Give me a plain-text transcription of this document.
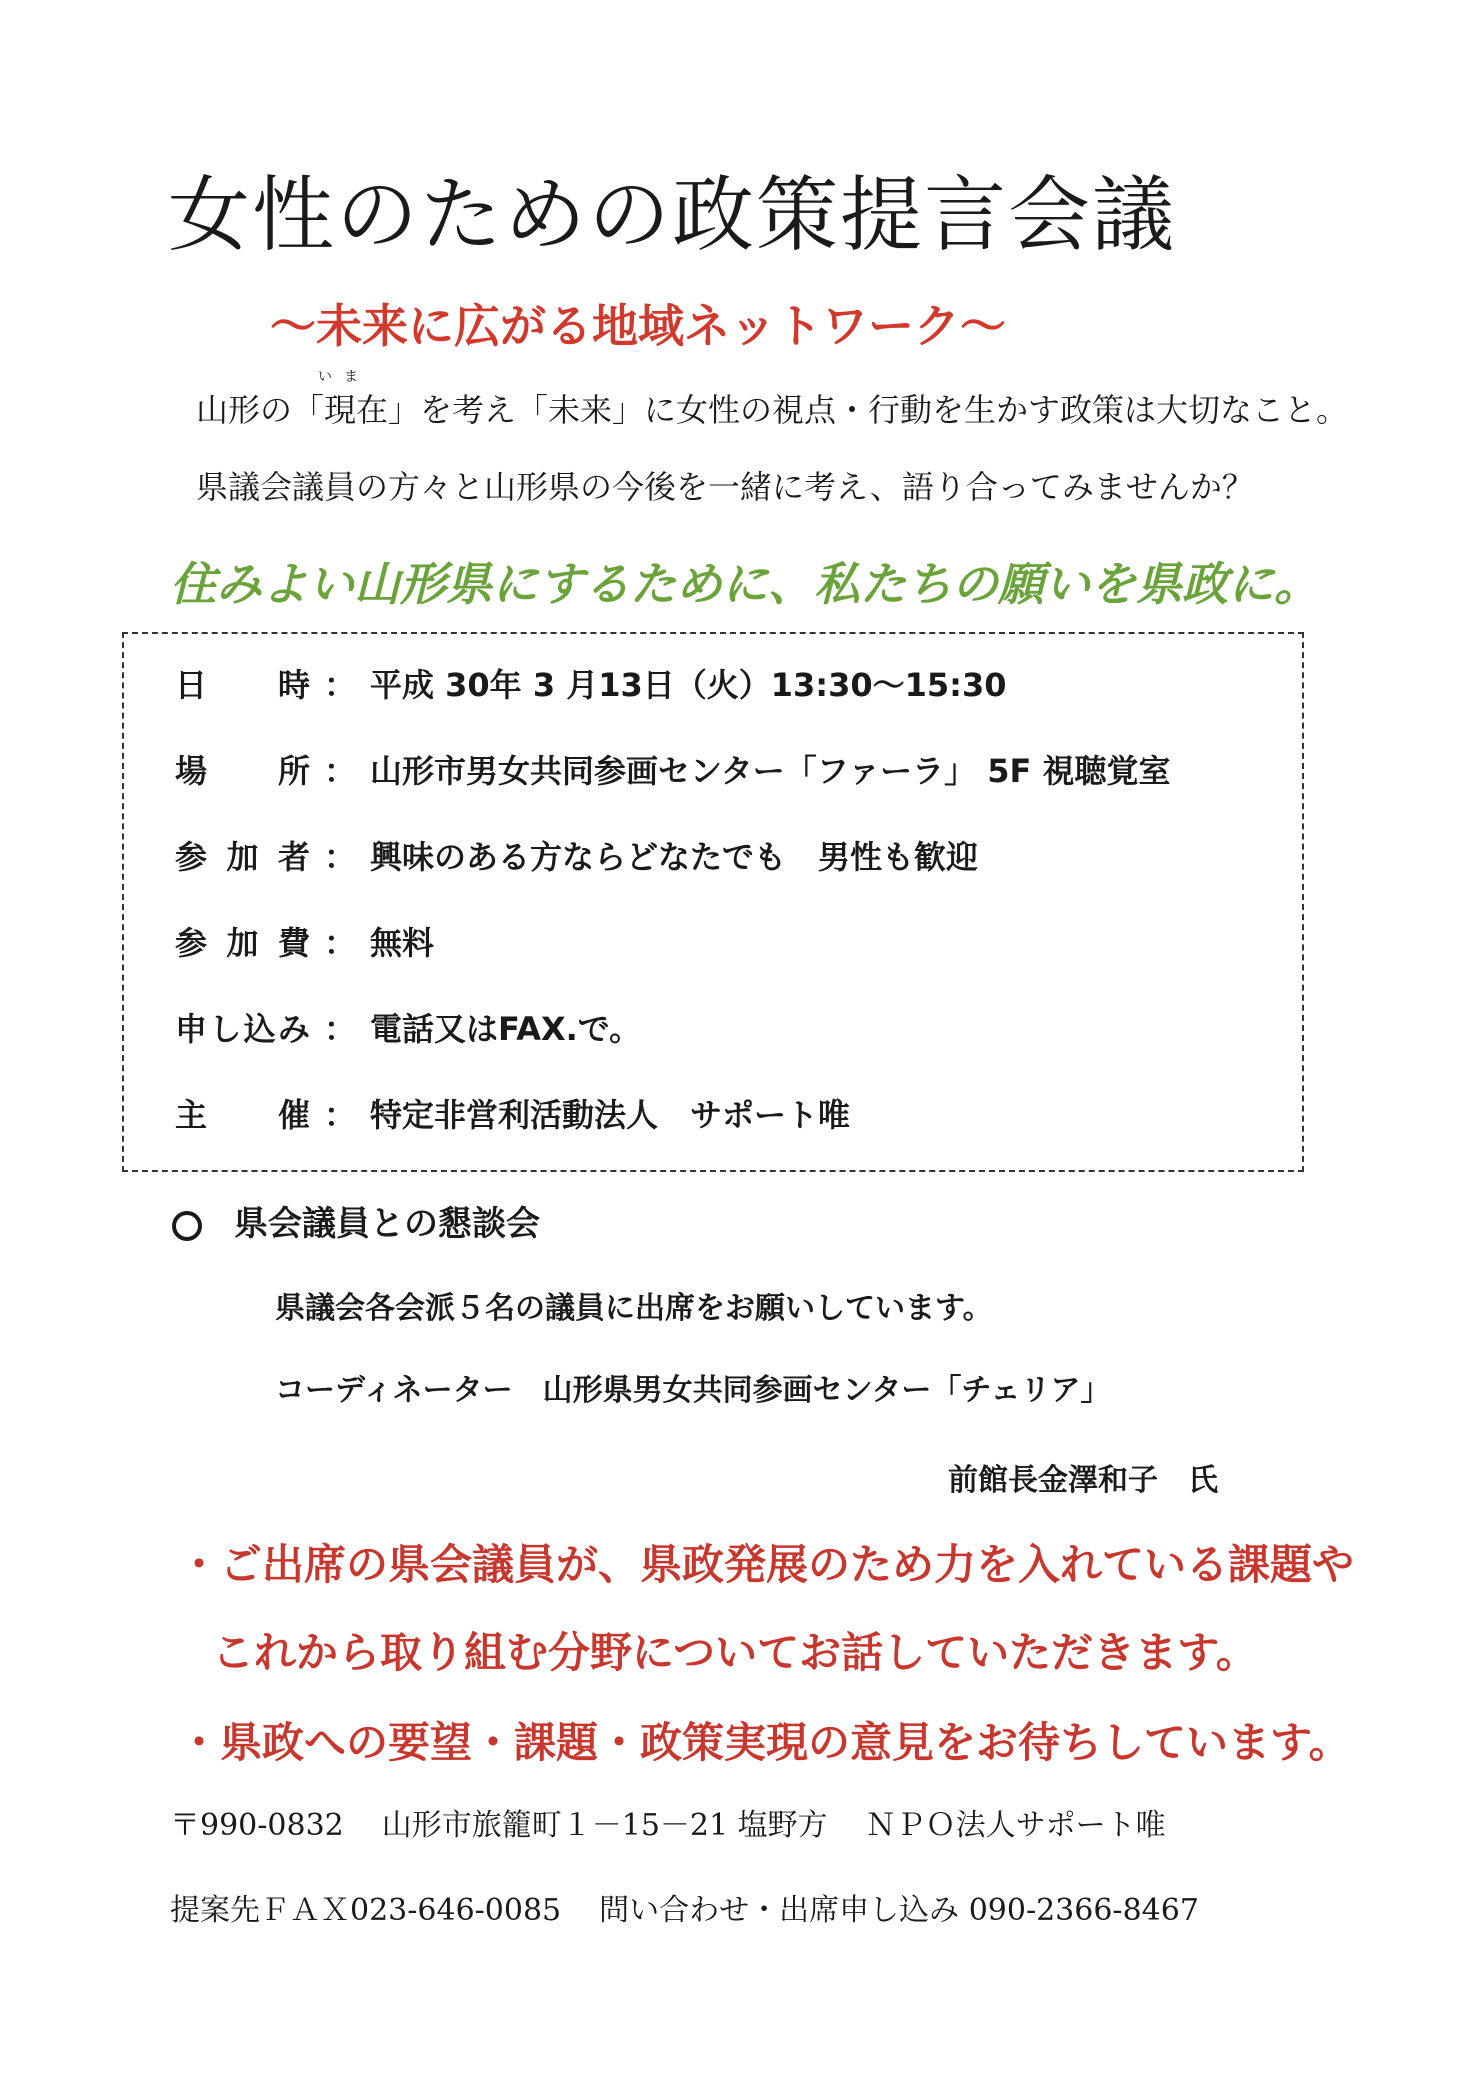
女性のための政策提言会議
〜未来に広がる地域ネットワーク〜
いま
山形の「現在」を考え「未来」に女性の視点・行動を生かす政策は大切なこと。
県議会議員の方々と山形県の今後を一緒に考え、語り合ってみませんか？
住みよい山形県にするために、私たちの願いを県政に。
日時 ： 平成 30年 3 月13日（火）13:30〜15:30
場所 ： 山形市男女共同参画センター「ファーラ」 5F 視聴覚室
参加者 ： 興味のある方ならどなたでも　男性も歓迎
参加費 ： 無料
申し込み ： 電話又はFAX.で。
主催 ： 特定非営利活動法人　サポート唯
県会議員との懇談会
県議会各会派５名の議員に出席をお願いしています。
コーディネーター　山形県男女共同参画センター「チェリア」
前館長金澤和子　氏
・ご出席の県会議員が、県政発展のため力を入れている課題や
これから取り組む分野についてお話していただきます。
・県政への要望・課題・政策実現の意見をお待ちしています。
〒990-0832 山形市旅籠町１－15－21 塩野方 ＮＰＯ法人サポート唯
提案先ＦＡＸ023-646-0085 問い合わせ・出席申し込み 090-2366-8467
